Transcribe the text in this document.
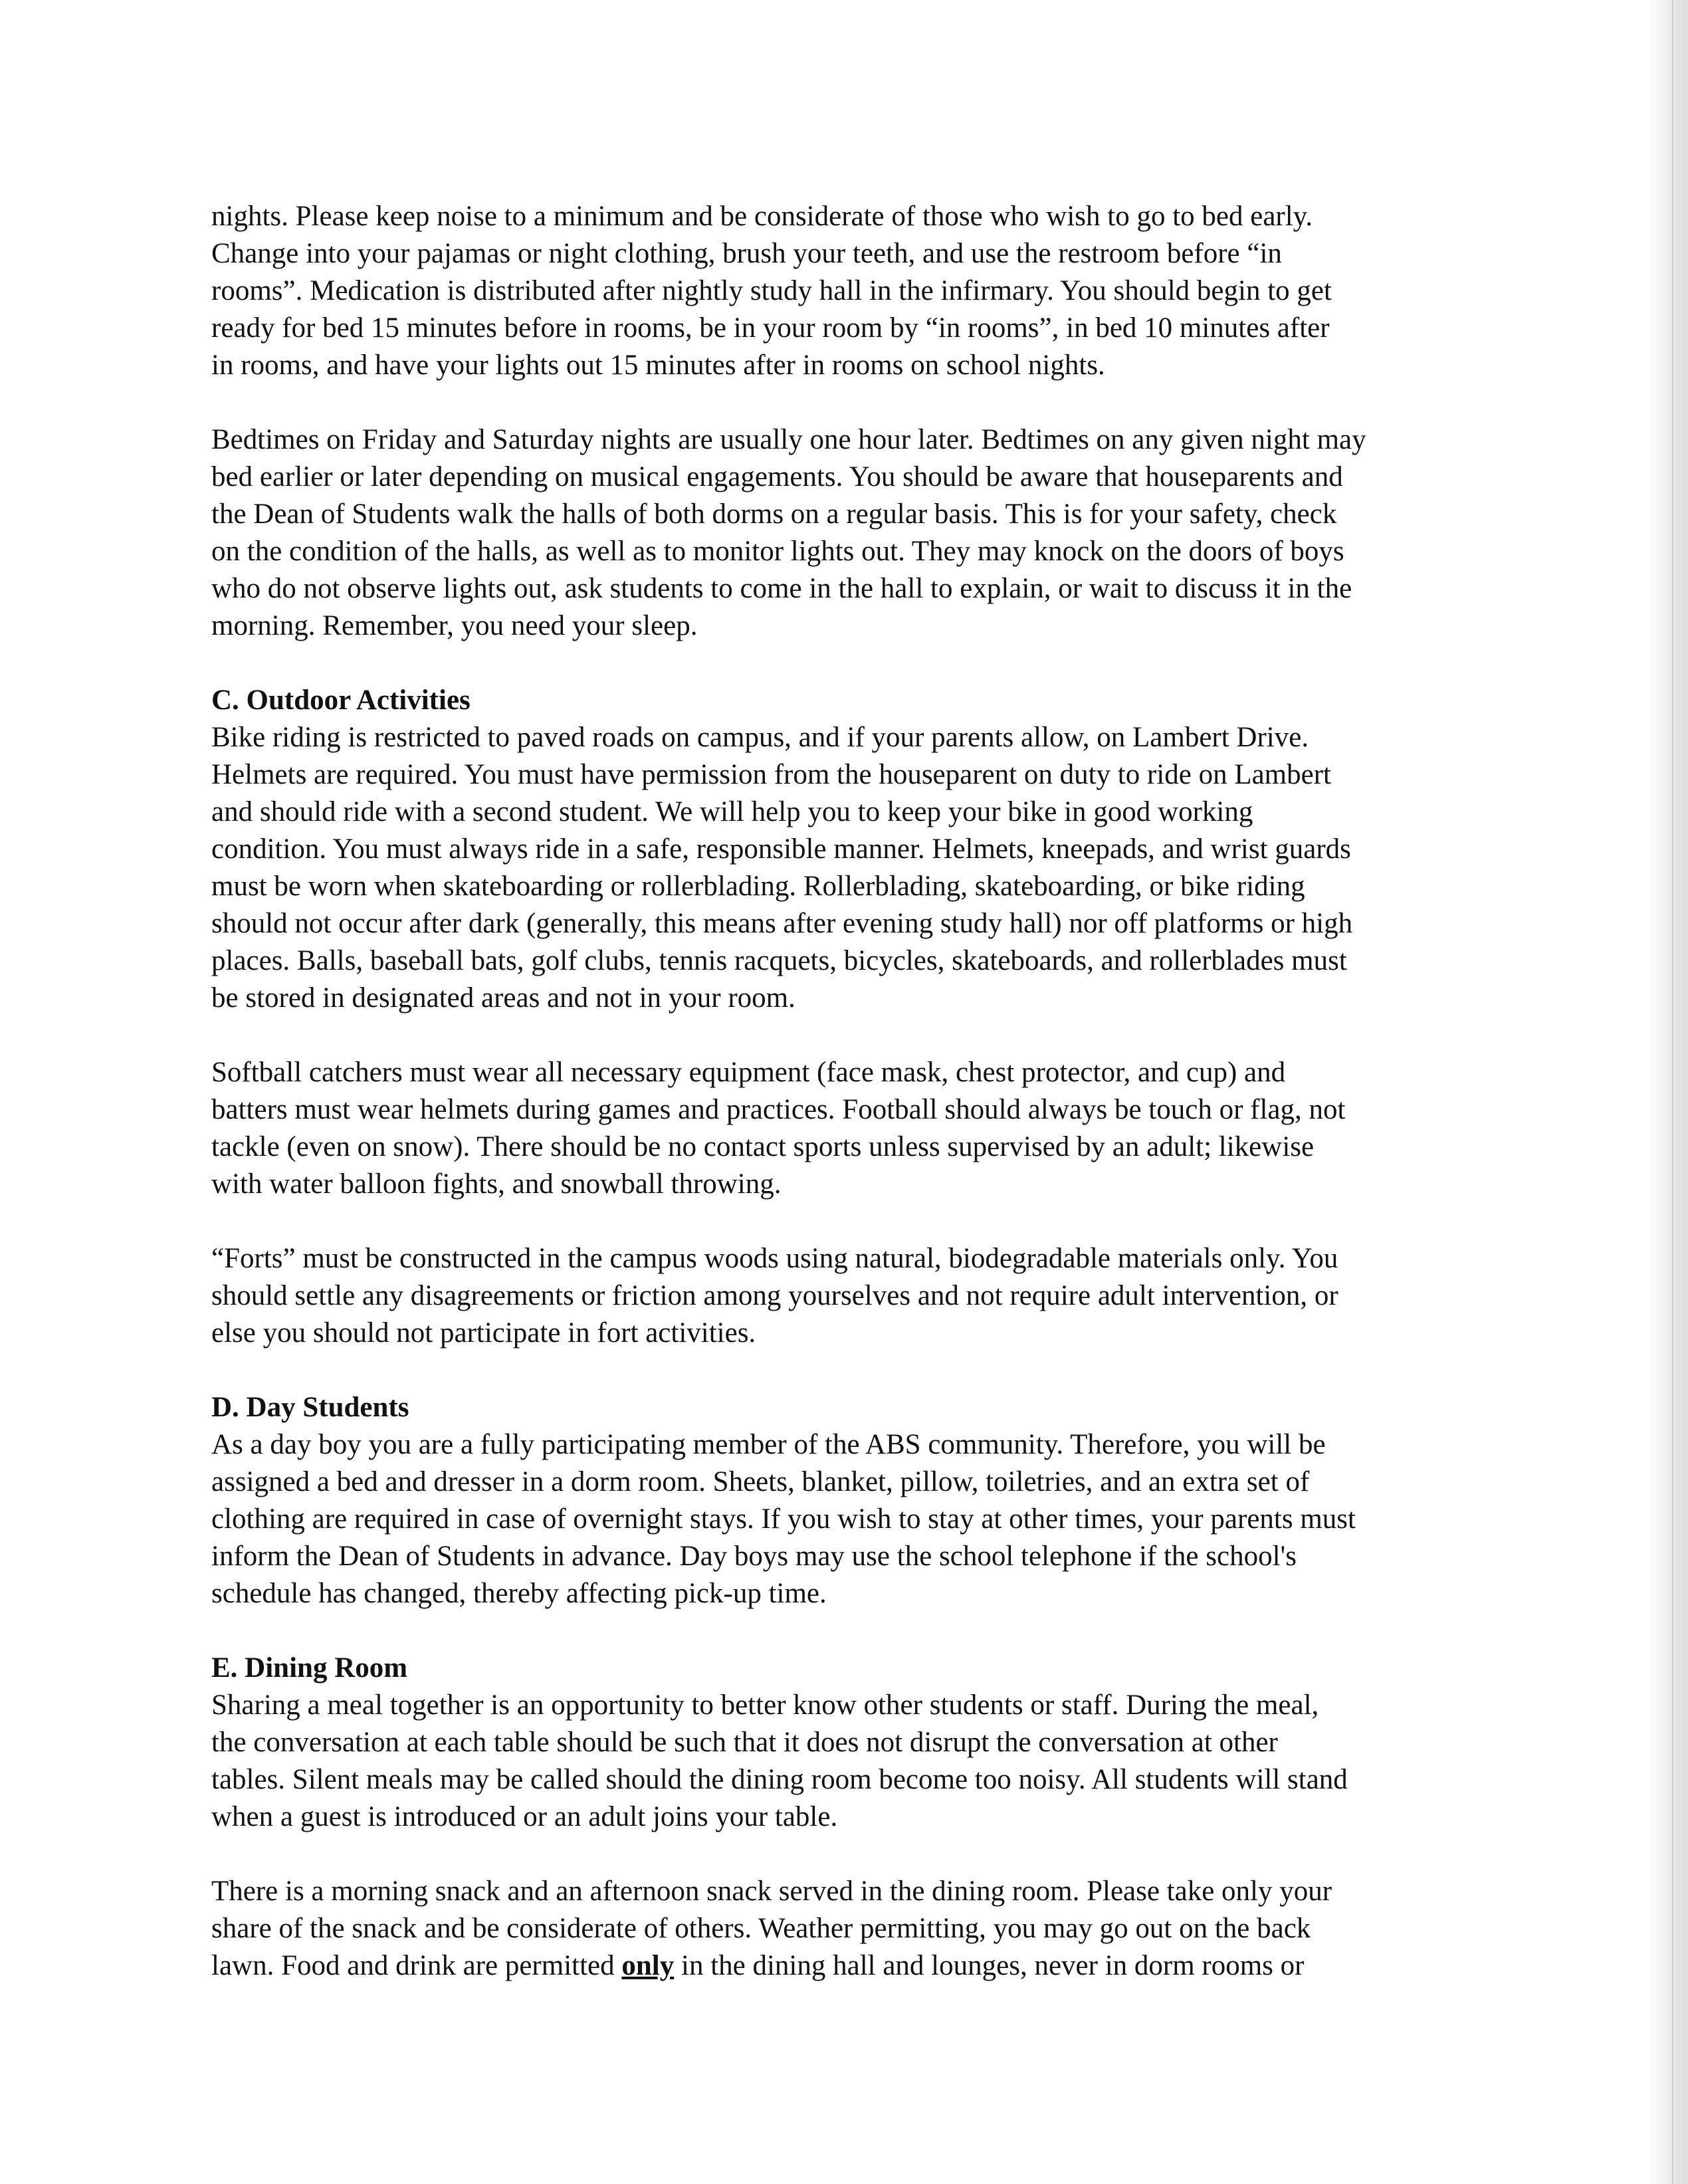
nights. Please keep noise to a minimum and be considerate of those who wish to go to bed early.
Change into your pajamas or night clothing, brush your teeth, and use the restroom before “in
rooms”. Medication is distributed after nightly study hall in the infirmary. You should begin to get
ready for bed 15 minutes before in rooms, be in your room by “in rooms”, in bed 10 minutes after
in rooms, and have your lights out 15 minutes after in rooms on school nights.

Bedtimes on Friday and Saturday nights are usually one hour later. Bedtimes on any given night may
bed earlier or later depending on musical engagements. You should be aware that houseparents and
the Dean of Students walk the halls of both dorms on a regular basis. This is for your safety, check
on the condition of the halls, as well as to monitor lights out. They may knock on the doors of boys
who do not observe lights out, ask students to come in the hall to explain, or wait to discuss it in the
morning. Remember, you need your sleep.

C. Outdoor Activities

Bike riding is restricted to paved roads on campus, and if your parents allow, on Lambert Drive.
Helmets are required. You must have permission from the houseparent on duty to ride on Lambert
and should ride with a second student. We will help you to keep your bike in good working
condition. You must always ride in a safe, responsible manner. Helmets, kneepads, and wrist guards
must be worn when skateboarding or rollerblading. Rollerblading, skateboarding, or bike riding
should not occur after dark (generally, this means after evening study hall) nor off platforms or high
places. Balls, baseball bats, golf clubs, tennis racquets, bicycles, skateboards, and rollerblades must
be stored in designated areas and not in your room.

Softball catchers must wear all necessary equipment (face mask, chest protector, and cup) and
batters must wear helmets during games and practices. Football should always be touch or flag, not
tackle (even on snow). There should be no contact sports unless supervised by an adult; likewise
with water balloon fights, and snowball throwing.

“Forts” must be constructed in the campus woods using natural, biodegradable materials only. You
should settle any disagreements or friction among yourselves and not require adult intervention, or
else you should not participate in fort activities.

D. Day Students

As a day boy you are a fully participating member of the ABS community. Therefore, you will be
assigned a bed and dresser in a dorm room. Sheets, blanket, pillow, toiletries, and an extra set of
clothing are required in case of overnight stays. If you wish to stay at other times, your parents must
inform the Dean of Students in advance. Day boys may use the school telephone if the school's
schedule has changed, thereby affecting pick-up time.

E. Dining Room

Sharing a meal together is an opportunity to better know other students or staff. During the meal,
the conversation at each table should be such that it does not disrupt the conversation at other
tables. Silent meals may be called should the dining room become too noisy. All students will stand
when a guest is introduced or an adult joins your table.

There is a morning snack and an afternoon snack served in the dining room. Please take only your
share of the snack and be considerate of others. Weather permitting, you may go out on the back
lawn. Food and drink are permitted only in the dining hall and lounges, never in dorm rooms or
